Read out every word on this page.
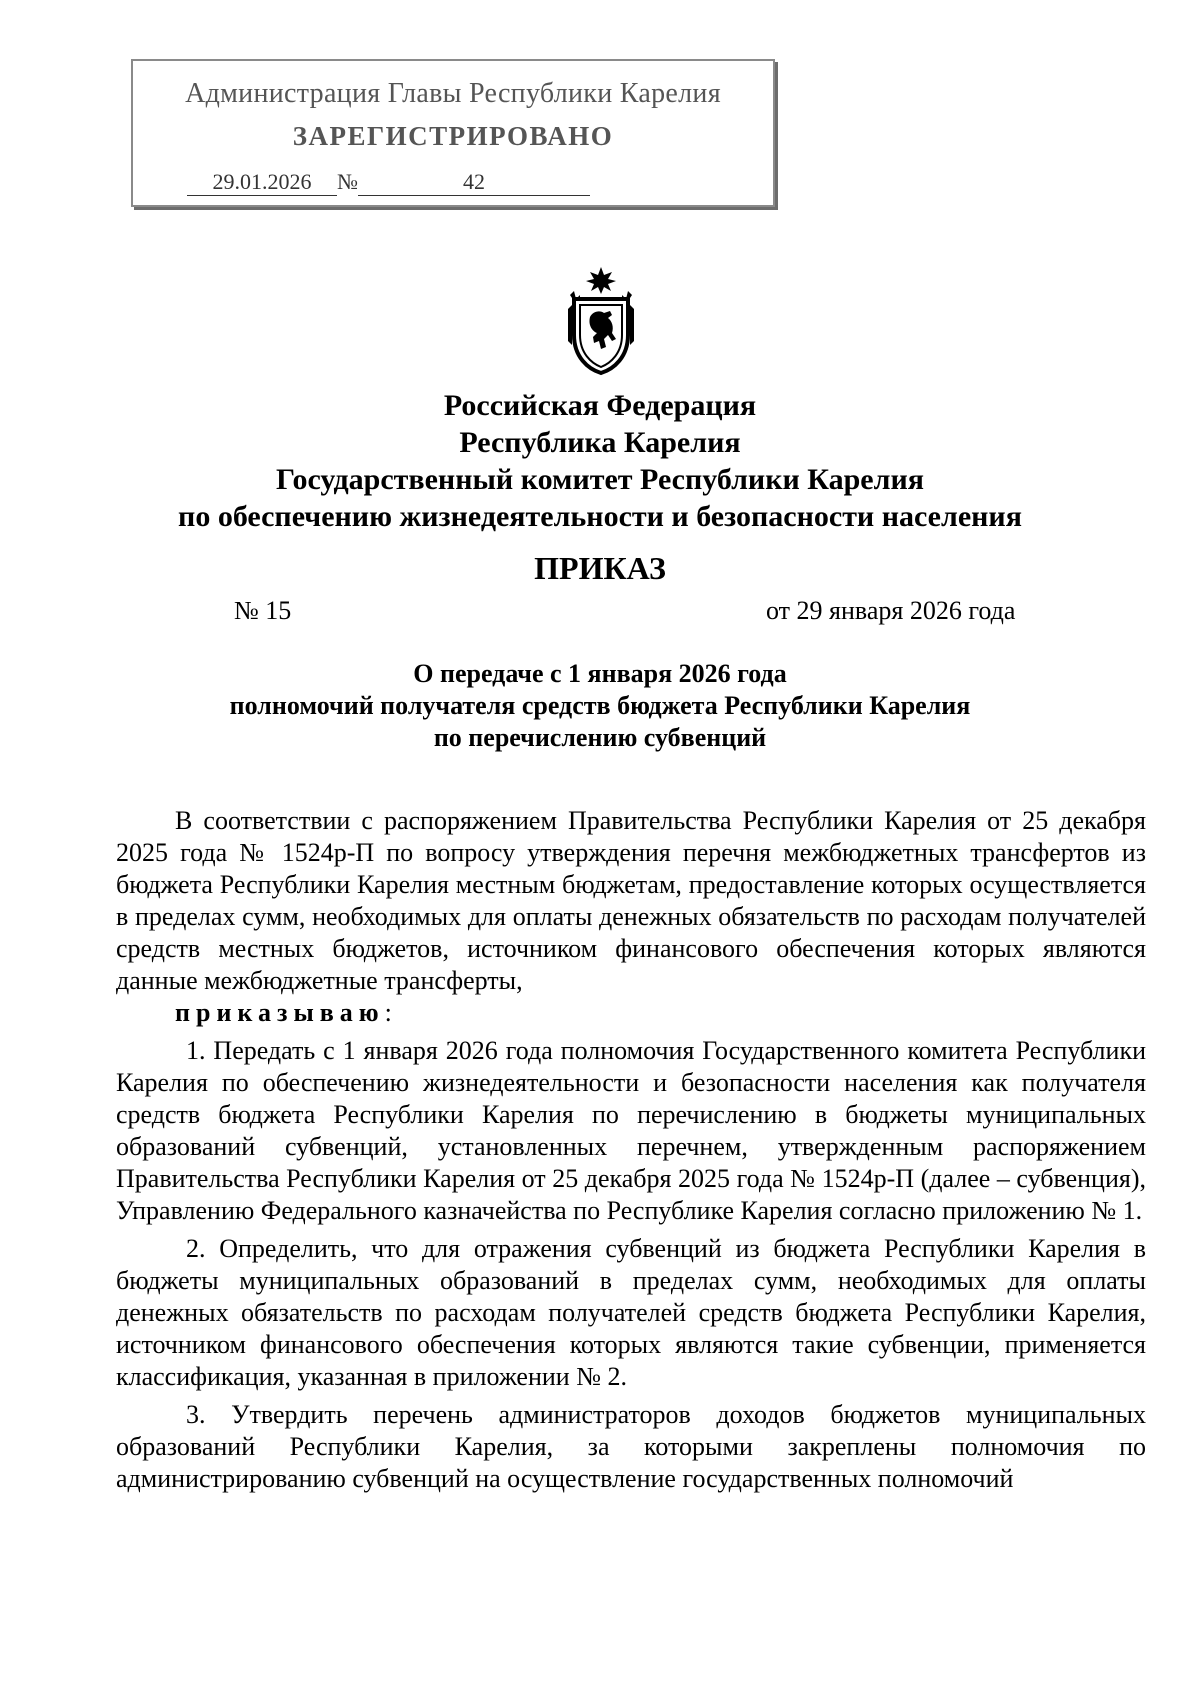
Администрация Главы Республики Карелия
ЗАРЕГИСТРИРОВАНО
29.01.2026 №	42
Российская Федерация
Республика Карелия
Государственный комитет Республики Карелия
по обеспечению жизнедеятельности и безопасности населения
ПРИКАЗ
№ 15	от 29 января 2026 года
О передаче с 1 января 2026 года
полномочий получателя средств бюджета Республики Карелия
по перечислению субвенций

В соответствии с распоряжением Правительства Республики Карелия от 25 декабря 2025 года № 1524р-П по вопросу утверждения перечня межбюджетных трансфертов из бюджета Республики Карелия местным бюджетам, предоставление которых осуществляется в пределах сумм, необходимых для оплаты денежных обязательств по расходам получателей средств местных бюджетов, источником финансового обеспечения которых являются данные межбюджетные трансферты,

приказываю:

1. Передать с 1 января 2026 года полномочия Государственного комитета Республики Карелия по обеспечению жизнедеятельности и безопасности населения как получателя средств бюджета Республики Карелия по перечислению в бюджеты муниципальных образований субвенций, установленных перечнем, утвержденным распоряжением Правительства Республики Карелия от 25 декабря 2025 года № 1524р-П (далее – субвенция), Управлению Федерального казначейства по Республике Карелия согласно приложению № 1.

2. Определить, что для отражения субвенций из бюджета Республики Карелия в бюджеты муниципальных образований в пределах сумм, необходимых для оплаты денежных обязательств по расходам получателей средств бюджета Республики Карелия, источником финансового обеспечения которых являются такие субвенции, применяется классификация, указанная в приложении № 2.

3. Утвердить перечень администраторов доходов бюджетов муниципальных образований Республики Карелия, за которыми закреплены полномочия по администрированию субвенций на осуществление государственных полномочий
